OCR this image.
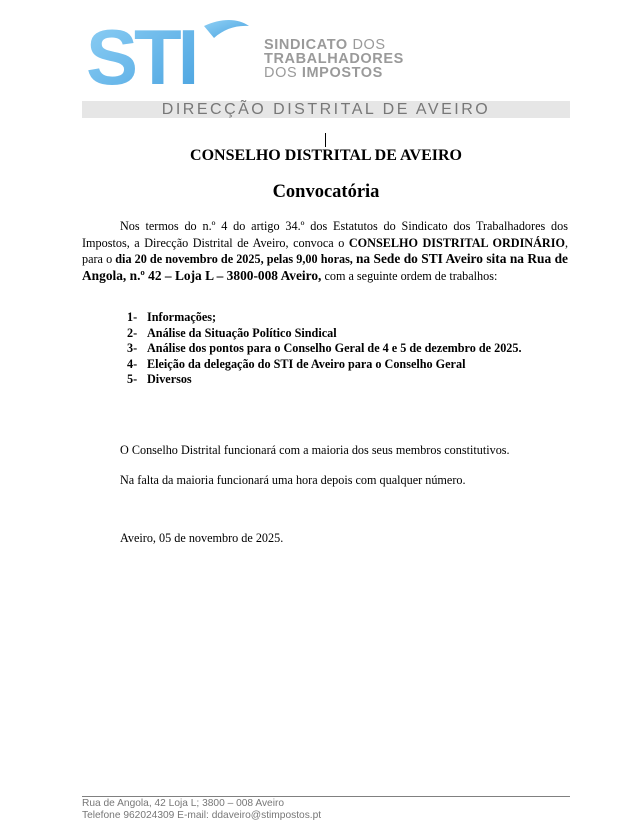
STI	SINDICATO DOS
TRABALHADORES
DOS IMPOSTOS
DIRECÇÃO DISTRITAL DE AVEIRO
CONSELHO DISTRITAL DE AVEIRO
Convocatória
Nos termos do n.º 4 do artigo 34.º dos Estatutos do Sindicato dos Trabalhadores dos Impostos, a Direcção Distrital de Aveiro, convoca o CONSELHO DISTRITAL ORDINÁRIO, para o dia 20 de novembro de 2025, pelas 9,00 horas, na Sede do STI Aveiro sita na Rua de Angola, n.º 42 – Loja L – 3800-008 Aveiro, com a seguinte ordem de trabalhos:
1- Informações;
2- Análise da Situação Político Sindical
3- Análise dos pontos para o Conselho Geral de 4 e 5 de dezembro de 2025.
4- Eleição da delegação do STI de Aveiro para o Conselho Geral
5- Diversos
O Conselho Distrital funcionará com a maioria dos seus membros constitutivos.
Na falta da maioria funcionará uma hora depois com qualquer número.
Aveiro, 05 de novembro de 2025.
Rua de Angola, 42 Loja L; 3800 – 008 Aveiro
Telefone 962024309 E-mail: ddaveiro@stimpostos.pt
